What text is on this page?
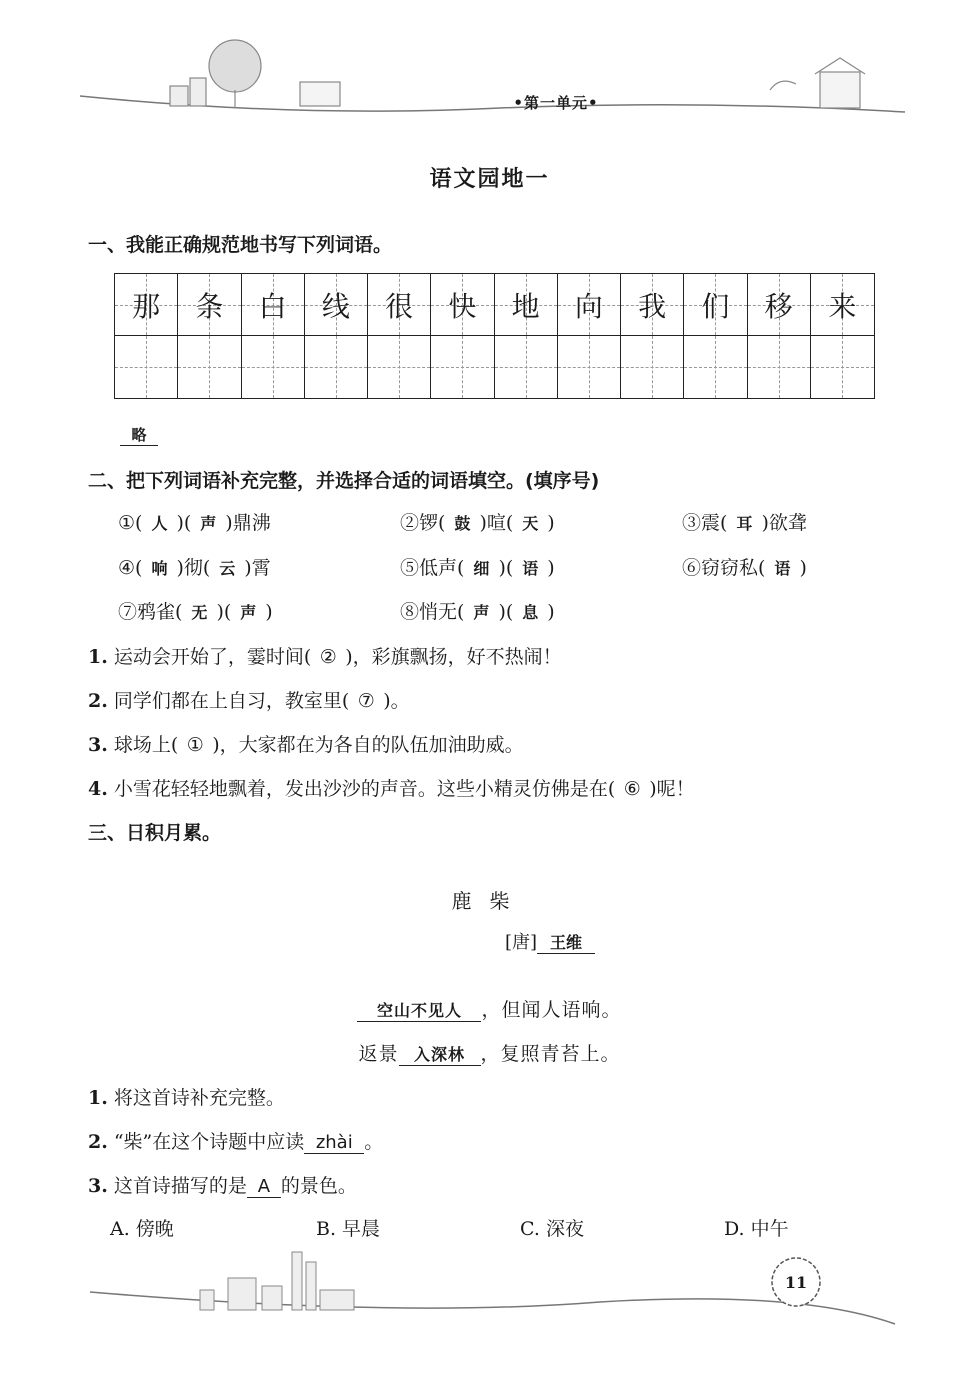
•第一单元•
语文园地一
一、我能正确规范地书写下列词语。
那 条 白 线 很 快 地 向 我 们 移 来
略
二、把下列词语补充完整，并选择合适的词语填空。(填序号)
①( 人 )( 声 )鼎沸	②锣( 鼓 )喧( 天 )	③震( 耳 )欲聋
④( 响 )彻( 云 )霄	⑤低声( 细 )( 语 )	⑥窃窃私( 语 )
⑦鸦雀( 无 )( 声 )	⑧悄无( 声 )( 息 )
1. 运动会开始了，霎时间( ② )，彩旗飘扬，好不热闹！
2. 同学们都在上自习，教室里( ⑦ )。
3. 球场上( ① )，大家都在为各自的队伍加油助威。
4. 小雪花轻轻地飘着，发出沙沙的声音。这些小精灵仿佛是在( ⑥ )呢！
三、日积月累。
鹿柴
[唐] 王维
空山不见人 ，但闻人语响。
返景 入深林 ，复照青苔上。
1. 将这首诗补充完整。
2. “柴”在这个诗题中应读 zhài 。
3. 这首诗描写的是 A 的景色。
A. 傍晚	B. 早晨	C. 深夜	D. 中午
11
